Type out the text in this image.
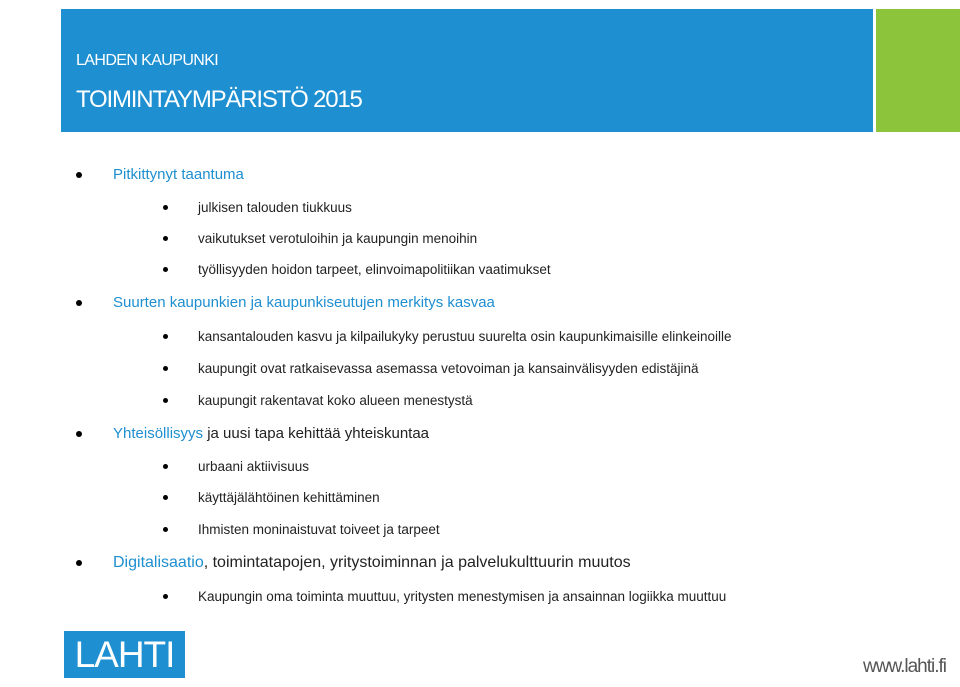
LAHDEN KAUPUNKI
TOIMINTAYMPÄRISTÖ 2015
Pitkittynyt taantuma
julkisen talouden tiukkuus
vaikutukset verotuloihin ja kaupungin menoihin
työllisyyden hoidon tarpeet, elinvoimapolitiikan vaatimukset
Suurten kaupunkien ja kaupunkiseutujen merkitys kasvaa
kansantalouden kasvu ja kilpailukyky perustuu suurelta osin kaupunkimaisille elinkeinoille
kaupungit ovat ratkaisevassa asemassa vetovoiman ja kansainvälisyyden edistäjinä
kaupungit rakentavat koko alueen menestystä
Yhteisöllisyys ja uusi tapa kehittää yhteiskuntaa
urbaani aktiivisuus
käyttäjälähtöinen kehittäminen
Ihmisten moninaistuvat toiveet ja tarpeet
Digitalisaatio, toimintatapojen, yritystoiminnan ja palvelukulttuurin muutos
Kaupungin oma toiminta muuttuu, yritysten menestymisen ja ansainnan logiikka muuttuu
LAHTI	www.lahti.fi
